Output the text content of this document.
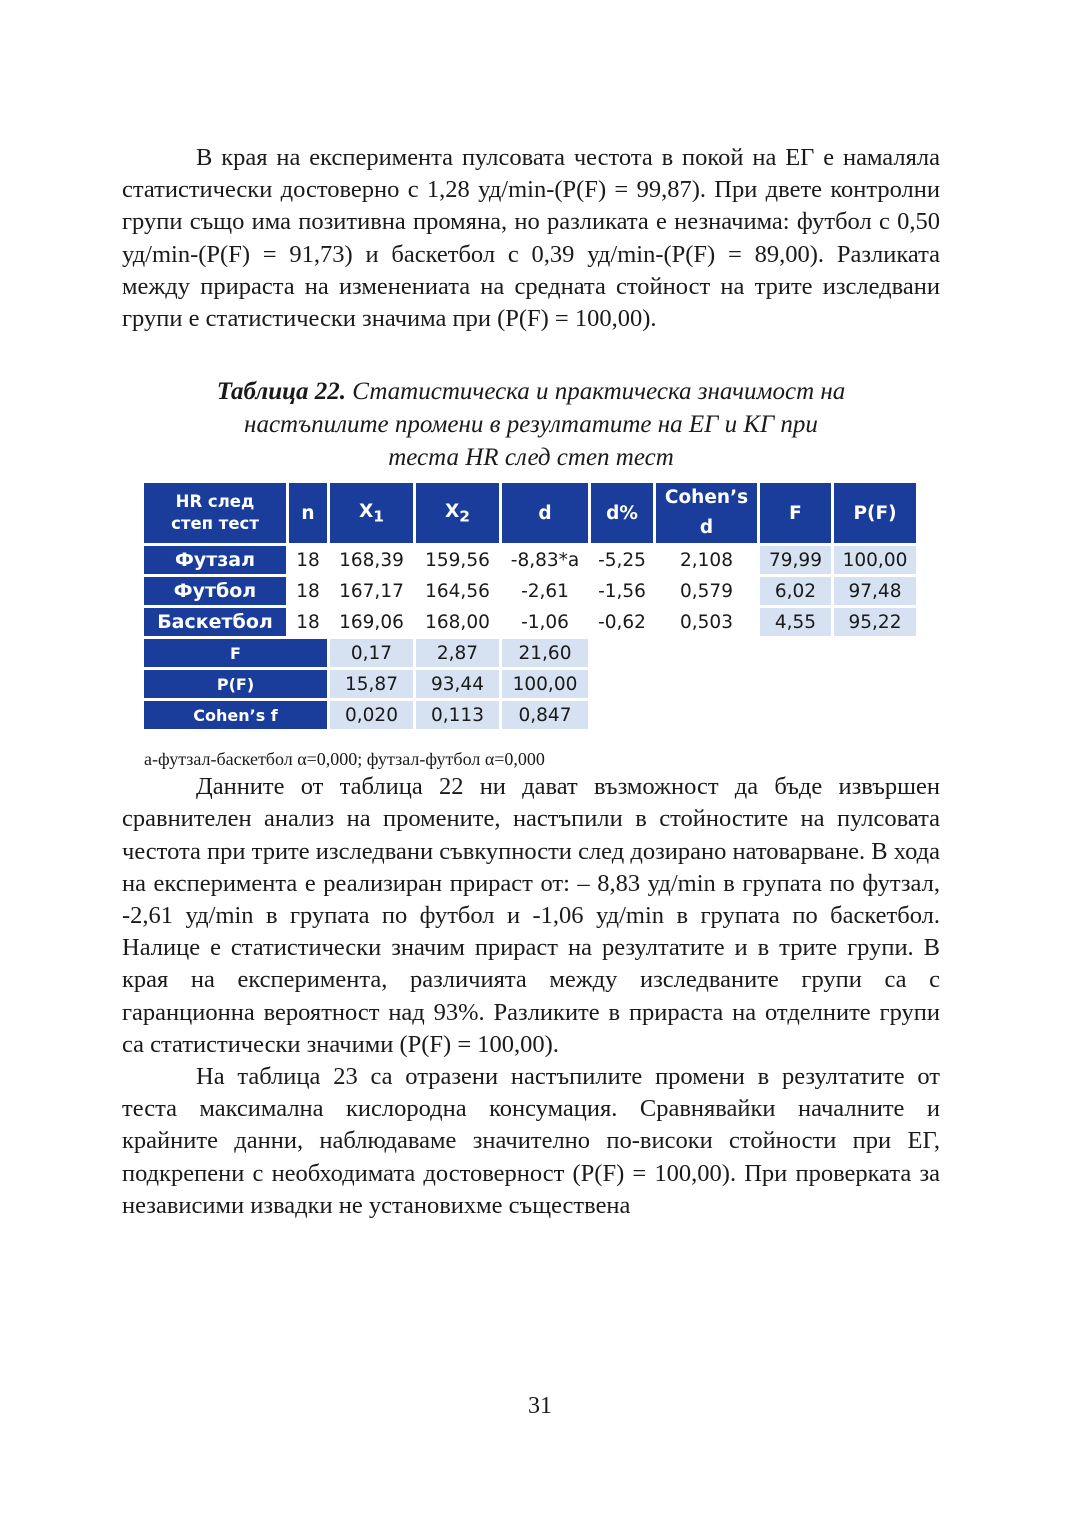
В края на експеримента пулсовата честота в покой на ЕГ е намаляла статистически достоверно с 1,28 уд/min-(P(F) = 99,87). При двете контролни групи също има позитивна промяна, но разликата е незначима: футбол с 0,50 уд/min-(P(F) = 91,73) и баскетбол с 0,39 уд/min-(P(F) = 89,00). Разликата между прираста на изменениата на средната стойност на трите изследвани групи е статистически значима при (P(F) = 100,00).

Таблица 22. Статистическа и практическа значимост на
настъпилите промени в резултатите на ЕГ и КГ при
теста HR след степ тест
HR след
степ тест	n	$X_1$	$X_2$	d	d%	Cohen’s
d	F	P(F)
Футзал	18	168,39	159,56	-8,83*a	-5,25	2,108	79,99	100,00
Футбол	18	167,17	164,56	-2,61	-1,56	0,579	6,02	97,48
Баскетбол	18	169,06	168,00	-1,06	-0,62	0,503	4,55	95,22
F		0,17	2,87	21,60				
P(F)		15,87	93,44	100,00				
Cohen’s f		0,020	0,113	0,847				
а-футзал-баскетбол α=0,000; футзал-футбол α=0,000

Данните от таблица 22 ни дават възможност да бъде извършен сравнителен анализ на промените, настъпили в стойностите на пулсовата честота при трите изследвани съвкупности след дозирано натоварване. В хода на експеримента е реализиран прираст от: – 8,83 уд/min в групата по футзал, -2,61 уд/min в групата по футбол и -1,06 уд/min в групата по баскетбол. Налице е статистически значим прираст на резултатите и в трите групи. В края на експеримента, различията между изследваните групи са с гаранционна вероятност над 93%. Разликите в прираста на отделните групи са статистически значими (P(F) = 100,00).

На таблица 23 са отразени настъпилите промени в резултатите от теста максимална кислородна консумация. Сравнявайки началните и крайните данни, наблюдаваме значително по-високи стойности при ЕГ, подкрепени с необходимата достоверност (P(F) = 100,00). При проверката за независими извадки не установихме съществена

31
